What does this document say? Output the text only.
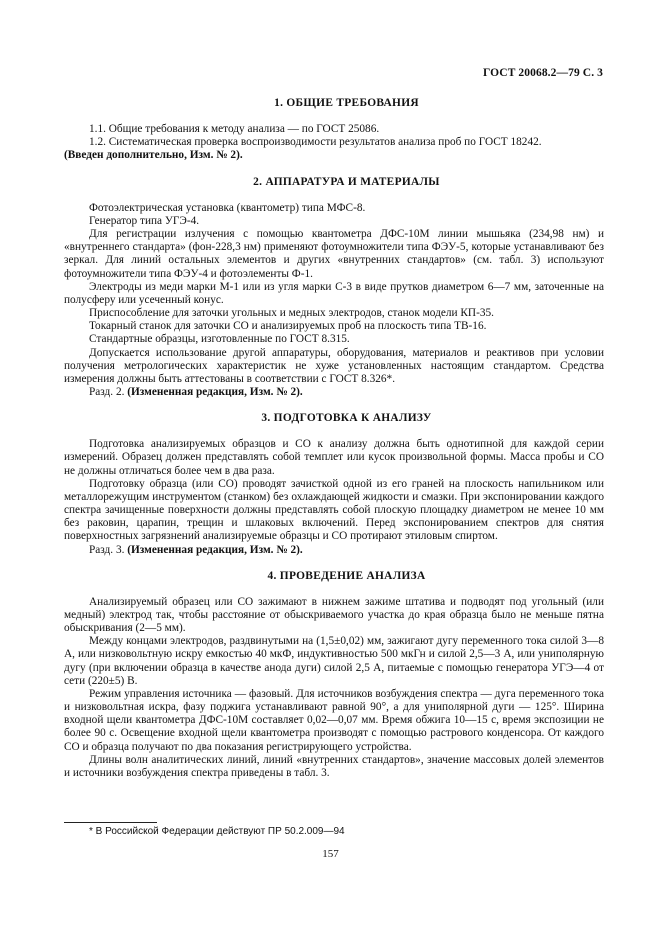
ГОСТ 20068.2—79 С. 3
1. ОБЩИЕ ТРЕБОВАНИЯ

1.1. Общие требования к методу анализа — по ГОСТ 25086.

1.2. Систематическая проверка воспроизводимости результатов анализа проб по ГОСТ 18242.

(Введен дополнительно, Изм. № 2).

2. АППАРАТУРА И МАТЕРИАЛЫ

Фотоэлектрическая установка (квантометр) типа МФС-8.

Генератор типа УГЭ-4.

Для регистрации излучения с помощью квантометра ДФС-10М линии мышьяка (234,98 нм) и «внутреннего стандарта» (фон-228,3 нм) применяют фотоумножители типа ФЭУ-5, которые устанавливают без зеркал. Для линий остальных элементов и других «внутренних стандартов» (см. табл. 3) используют фотоумножители типа ФЭУ-4 и фотоэлементы Ф-1.

Электроды из меди марки М-1 или из угля марки С-3 в виде прутков диаметром 6—7 мм, заточенные на полусферу или усеченный конус.

Приспособление для заточки угольных и медных электродов, станок модели КП-35.

Токарный станок для заточки СО и анализируемых проб на плоскость типа ТВ-16.

Стандартные образцы, изготовленные по ГОСТ 8.315.

Допускается использование другой аппаратуры, оборудования, материалов и реактивов при условии получения метрологических характеристик не хуже установленных настоящим стандартом. Средства измерения должны быть аттестованы в соответствии с ГОСТ 8.326*.

Разд. 2. (Измененная редакция, Изм. № 2).

3. ПОДГОТОВКА К АНАЛИЗУ

Подготовка анализируемых образцов и СО к анализу должна быть однотипной для каждой серии измерений. Образец должен представлять собой темплет или кусок произвольной формы. Масса пробы и СО не должны отличаться более чем в два раза.

Подготовку образца (или СО) проводят зачисткой одной из его граней на плоскость напильником или металлорежущим инструментом (станком) без охлаждающей жидкости и смазки. При экспонировании каждого спектра зачищенные поверхности должны представлять собой плоскую площадку диаметром не менее 10 мм без раковин, царапин, трещин и шлаковых включений. Перед экспонированием спектров для снятия поверхностных загрязнений анализируемые образцы и СО протирают этиловым спиртом.

Разд. 3. (Измененная редакция, Изм. № 2).

4. ПРОВЕДЕНИЕ АНАЛИЗА

Анализируемый образец или СО зажимают в нижнем зажиме штатива и подводят под угольный (или медный) электрод так, чтобы расстояние от обыскриваемого участка до края образца было не меньше пятна обыскривания (2—5 мм).

Между концами электродов, раздвинутыми на (1,5±0,02) мм, зажигают дугу переменного тока силой 3—8 А, или низковольтную искру емкостью 40 мкФ, индуктивностью 500 мкГн и силой 2,5—3 А, или униполярную дугу (при включении образца в качестве анода дуги) силой 2,5 А, питаемые с помощью генератора УГЭ—4 от сети (220±5) В.

Режим управления источника — фазовый. Для источников возбуждения спектра — дуга переменного тока и низковольтная искра, фазу поджига устанавливают равной 90°, а для униполярной дуги — 125°. Ширина входной щели квантометра ДФС-10М составляет 0,02—0,07 мм. Время обжига 10—15 с, время экспозиции не более 90 с. Освещение входной щели квантометра производят с помощью растрового конденсора. От каждого СО и образца получают по два показания регистрирующего устройства.

Длины волн аналитических линий, линий «внутренних стандартов», значение массовых долей элементов и источники возбуждения спектра приведены в табл. 3.

* В Российской Федерации действуют ПР 50.2.009—94
157
